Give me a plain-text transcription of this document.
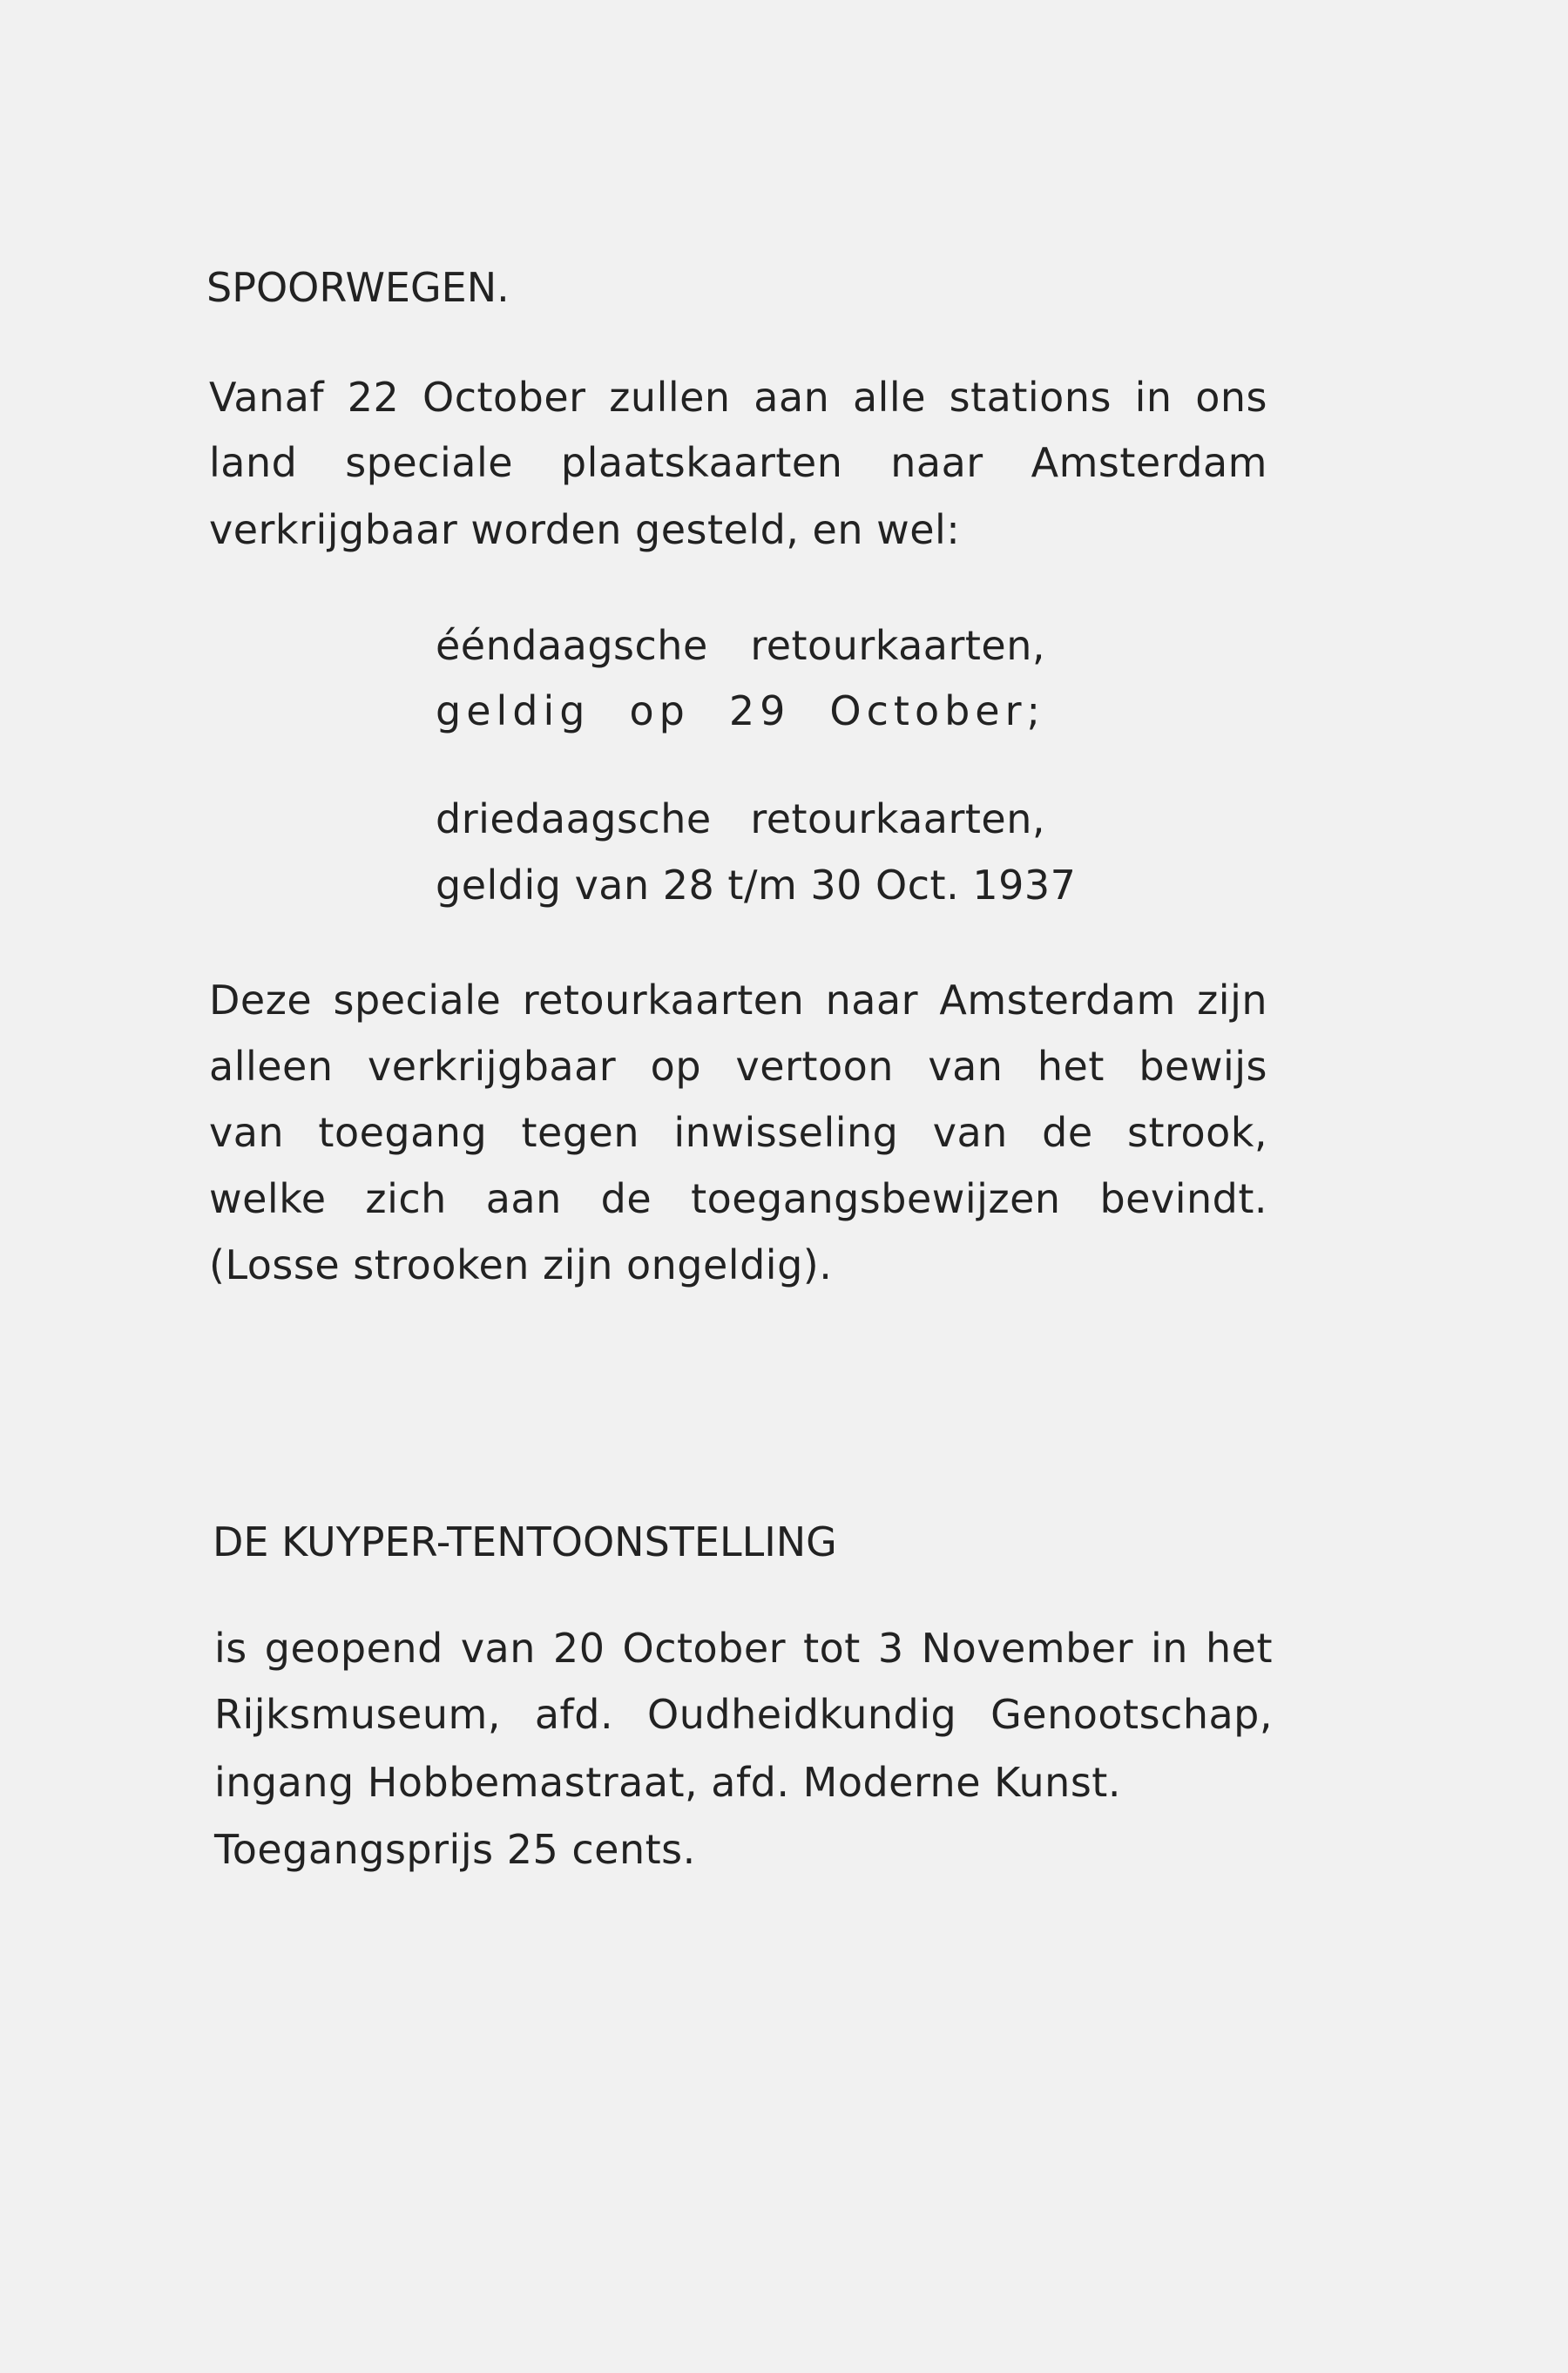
SPOORWEGEN.
Vanaf 22 October zullen aan alle stations in ons
land speciale plaatskaarten naar Amsterdam
verkrijgbaar worden gesteld, en wel:
ééndaagsche retourkaarten,
geldig op 29 October;
driedaagsche retourkaarten,
geldig van 28 t/m 30 Oct. 1937
Deze speciale retourkaarten naar Amsterdam zijn
alleen verkrijgbaar op vertoon van het bewijs
van toegang tegen inwisseling van de strook,
welke zich aan de toegangsbewijzen bevindt.
(Losse strooken zijn ongeldig).
DE KUYPER-TENTOONSTELLING
is geopend van 20 October tot 3 November in het
Rijksmuseum, afd. Oudheidkundig Genootschap,
ingang Hobbemastraat, afd. Moderne Kunst.
Toegangsprijs 25 cents.
